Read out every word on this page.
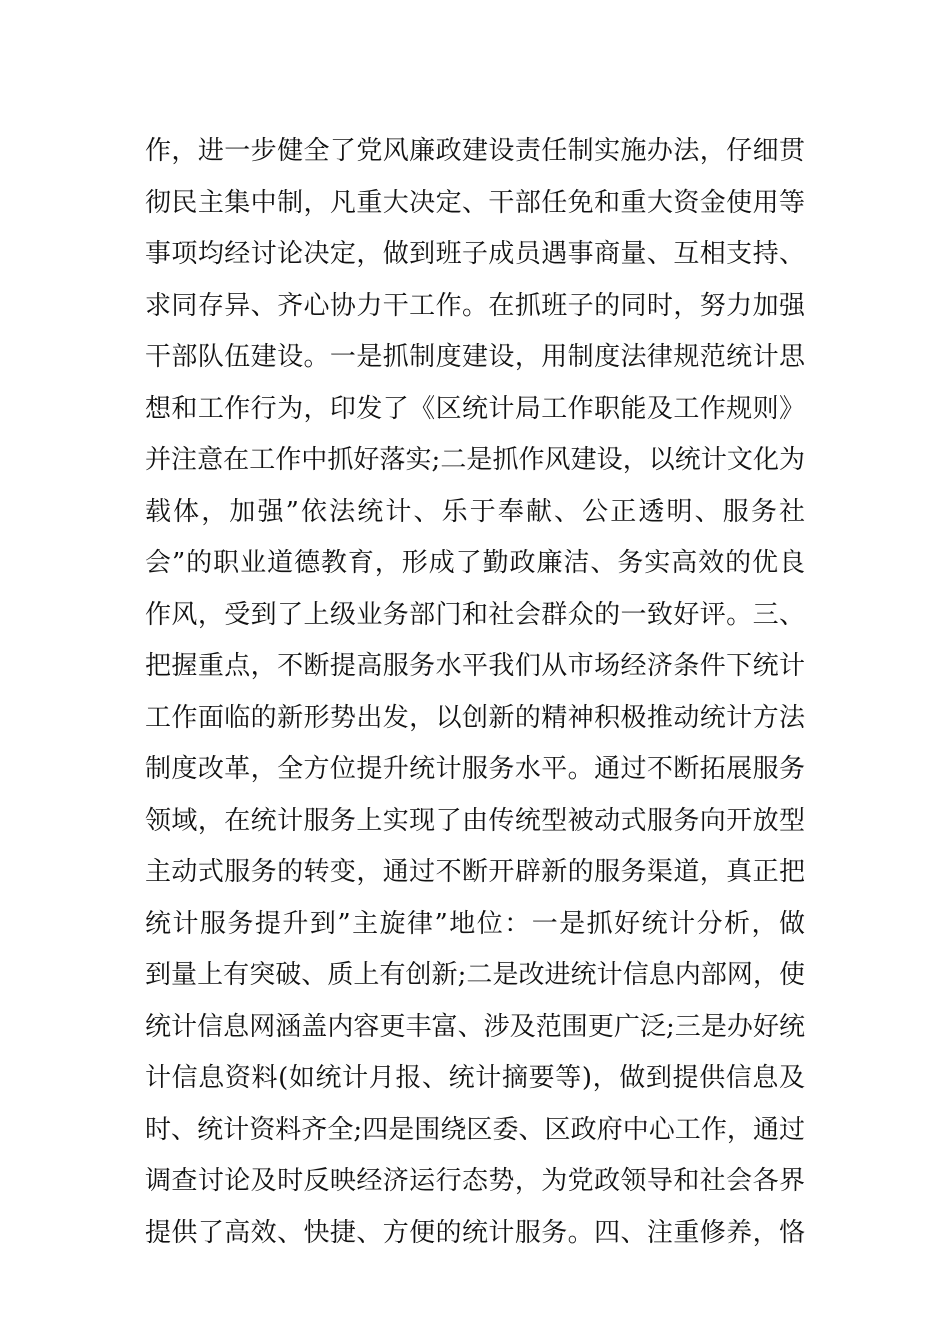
作，进一步健全了党风廉政建设责任制实施办法，仔细贯
彻民主集中制，凡重大决定、干部任免和重大资金使用等
事项均经讨论决定，做到班子成员遇事商量、互相支持、
求同存异、齐心协力干工作。在抓班子的同时，努力加强
干部队伍建设。一是抓制度建设，用制度法律规范统计思
想和工作行为，印发了《区统计局工作职能及工作规则》
并注意在工作中抓好落实;二是抓作风建设，以统计文化为
载体，加强”依法统计、乐于奉献、公正透明、服务社
会”的职业道德教育，形成了勤政廉洁、务实高效的优良
作风，受到了上级业务部门和社会群众的一致好评。三、
把握重点，不断提高服务水平我们从市场经济条件下统计
工作面临的新形势出发，以创新的精神积极推动统计方法
制度改革，全方位提升统计服务水平。通过不断拓展服务
领域，在统计服务上实现了由传统型被动式服务向开放型
主动式服务的转变，通过不断开辟新的服务渠道，真正把
统计服务提升到”主旋律”地位：一是抓好统计分析，做
到量上有突破、质上有创新;二是改进统计信息内部网，使
统计信息网涵盖内容更丰富、涉及范围更广泛;三是办好统
计信息资料(如统计月报、统计摘要等)，做到提供信息及
时、统计资料齐全;四是围绕区委、区政府中心工作，通过
调查讨论及时反映经济运行态势，为党政领导和社会各界
提供了高效、快捷、方便的统计服务。四、注重修养，恪
